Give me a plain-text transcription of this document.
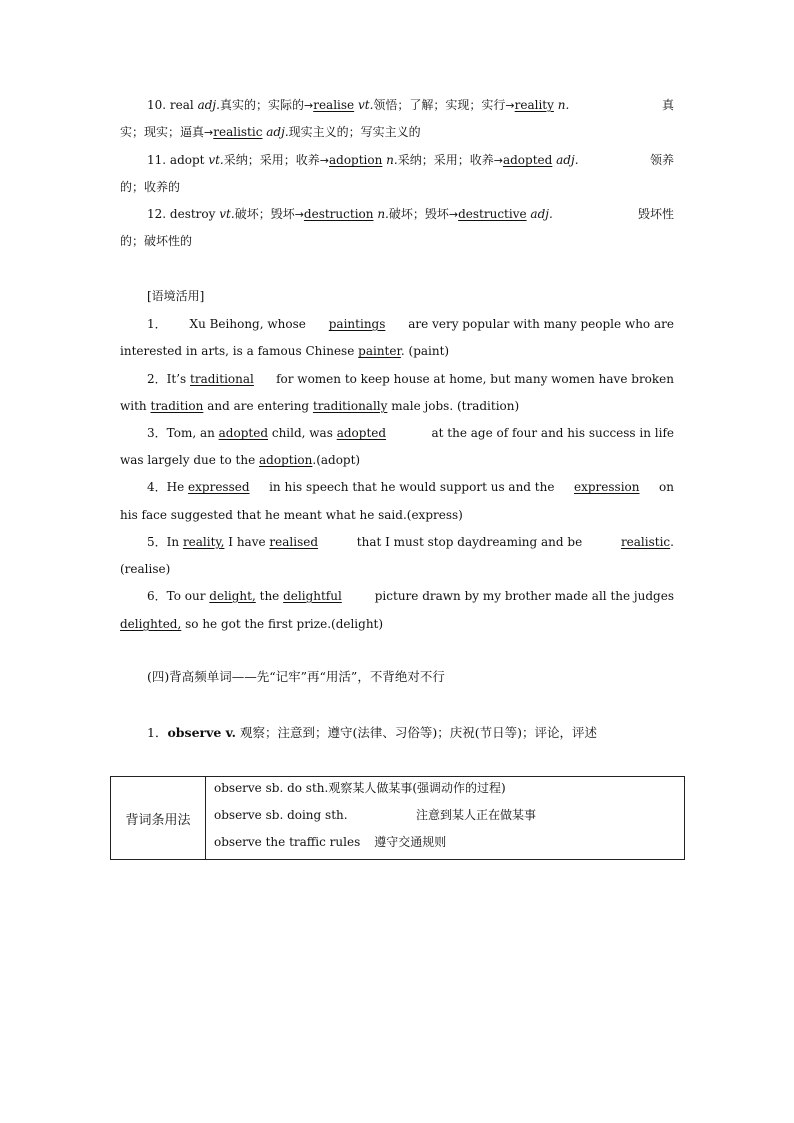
10. real adj.真实的；实际的→realise vt.领悟；了解；实现；实行→reality n.	真
实；现实；逼真→realistic adj.现实主义的；写实主义的
11. adopt vt.采纳；采用；收养→adoption n.采纳；采用；收养→adopted adj.	领养
的；收养的
12. destroy vt.破坏；毁坏→destruction n.破坏；毁坏→destructive adj.	毁坏性
的；破坏性的
[语境活用]
1． Xu Beihong, whose paintings are very popular with many people who are
interested in arts, is a famous Chinese painter. (paint)
2．It’s traditional for women to keep house at home, but many women have broken
with tradition and are entering traditionally male jobs. (tradition)
3．Tom, an adopted child, was adopted	at the age of four and his success in life
was largely due to the adoption.(adopt)
4．He expressed in his speech that he would support us and the expression on
his face suggested that he meant what he said.(express)
5．In reality, I have realised	that I must stop daydreaming and be	realistic.
(realise)
6．To our delight, the delightful	picture drawn by my brother made all the judges
delighted, so he got the first prize.(delight)
(四)背高频单词——先“记牢”再“用活”，不背绝对不行
1．observe v. 观察；注意到；遵守(法律、习俗等)；庆祝(节日等)；评论，评述
背词条用法	
observe sb. do sth. 观察某人做某事(强调动作的过程)
observe sb. doing sth.	注意到某人正在做某事
observe the traffic rules 遵守交通规则
